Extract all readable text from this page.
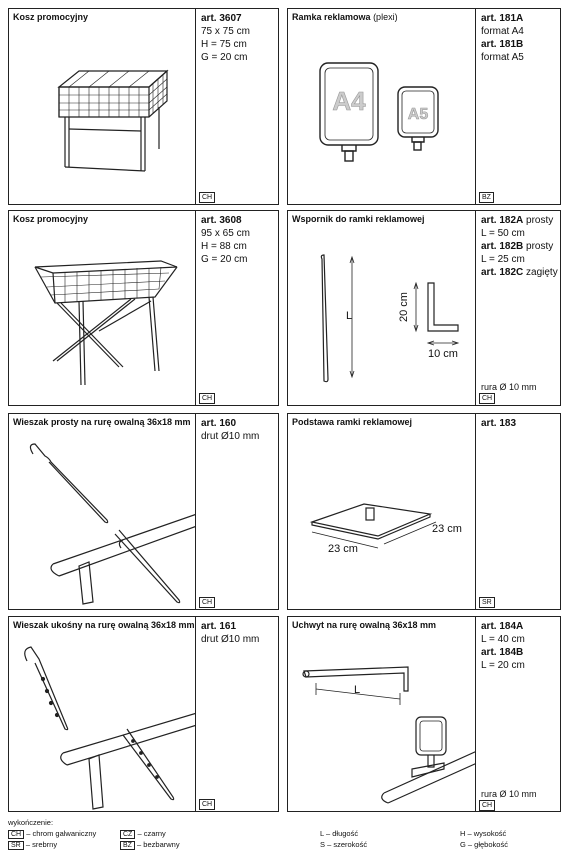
Kosz promocyjny	art. 3607
75 x 75 cm
H = 75 cm
G = 20 cm
CH
Ramka reklamowa (plexi)
A4	A5
art. 181A
format A4
art. 181B
format A5
BZ
Kosz promocyjny	art. 3608
95 x 65 cm
H = 88 cm
G = 20 cm
CH
Wspornik do ramki reklamowej
L	20 cm
10 cm
art. 182A prosty
L = 50 cm
art. 182B prosty
L = 25 cm
art. 182C zagięty
rura Ø 10 mm
CH
Wieszak prosty na rurę owalną 36x18 mm art. 160
drut Ø10 mm
CH
Podstawa ramki reklamowej
23 cm
23 cm
art. 183
SR
Wieszak ukośny na rurę owalną 36x18 mm art. 161
drut Ø10 mm
CH
Uchwyt na rurę owalną 36x18 mm
L
art. 184A
L = 40 cm
art. 184B
L = 20 cm
rura Ø 10 mm
CH
wykończenie:
CH – chrom galwaniczny
SR – srebrny
CZ – czarny
BZ – bezbarwny
L – długość
S – szerokość
H – wysokość
G – głębokość
